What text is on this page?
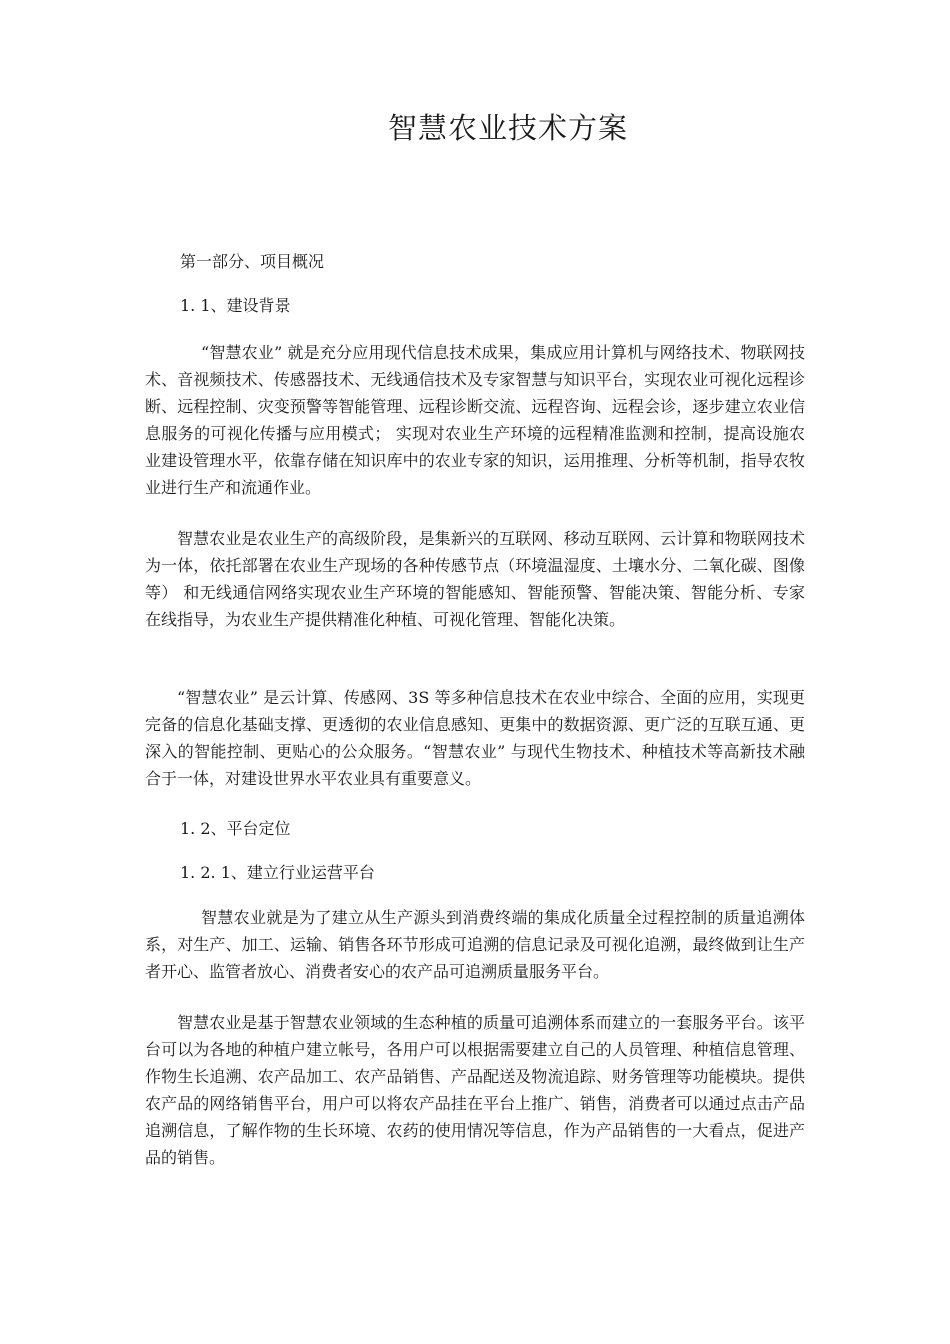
智慧农业技术方案

第一部分、项目概况

1. 1、建设背景

“智慧农业” 就是充分应用现代信息技术成果，集成应用计算机与网络技术、物联网技术、音视频技术、传感器技术、无线通信技术及专家智慧与知识平台，实现农业可视化远程诊断、远程控制、灾变预警等智能管理、远程诊断交流、远程咨询、远程会诊，逐步建立农业信息服务的可视化传播与应用模式； 实现对农业生产环境的远程精准监测和控制，提高设施农业建设管理水平，依靠存储在知识库中的农业专家的知识，运用推理、分析等机制，指导农牧业进行生产和流通作业。

智慧农业是农业生产的高级阶段，是集新兴的互联网、移动互联网、云计算和物联网技术为一体，依托部署在农业生产现场的各种传感节点（环境温湿度、土壤水分、二氧化碳、图像等） 和无线通信网络实现农业生产环境的智能感知、智能预警、智能决策、智能分析、专家在线指导，为农业生产提供精准化种植、可视化管理、智能化决策。

“智慧农业” 是云计算、传感网、3S 等多种信息技术在农业中综合、全面的应用，实现更完备的信息化基础支撑、更透彻的农业信息感知、更集中的数据资源、更广泛的互联互通、更深入的智能控制、更贴心的公众服务。“智慧农业” 与现代生物技术、种植技术等高新技术融合于一体，对建设世界水平农业具有重要意义。

1. 2、平台定位

1. 2. 1、建立行业运营平台

智慧农业就是为了建立从生产源头到消费终端的集成化质量全过程控制的质量追溯体系，对生产、加工、运输、销售各环节形成可追溯的信息记录及可视化追溯，最终做到让生产者开心、监管者放心、消费者安心的农产品可追溯质量服务平台。

智慧农业是基于智慧农业领域的生态种植的质量可追溯体系而建立的一套服务平台。该平台可以为各地的种植户建立帐号，各用户可以根据需要建立自己的人员管理、种植信息管理、作物生长追溯、农产品加工、农产品销售、产品配送及物流追踪、财务管理等功能模块。提供农产品的网络销售平台，用户可以将农产品挂在平台上推广、销售，消费者可以通过点击产品追溯信息，了解作物的生长环境、农药的使用情况等信息，作为产品销售的一大看点，促进产品的销售。
